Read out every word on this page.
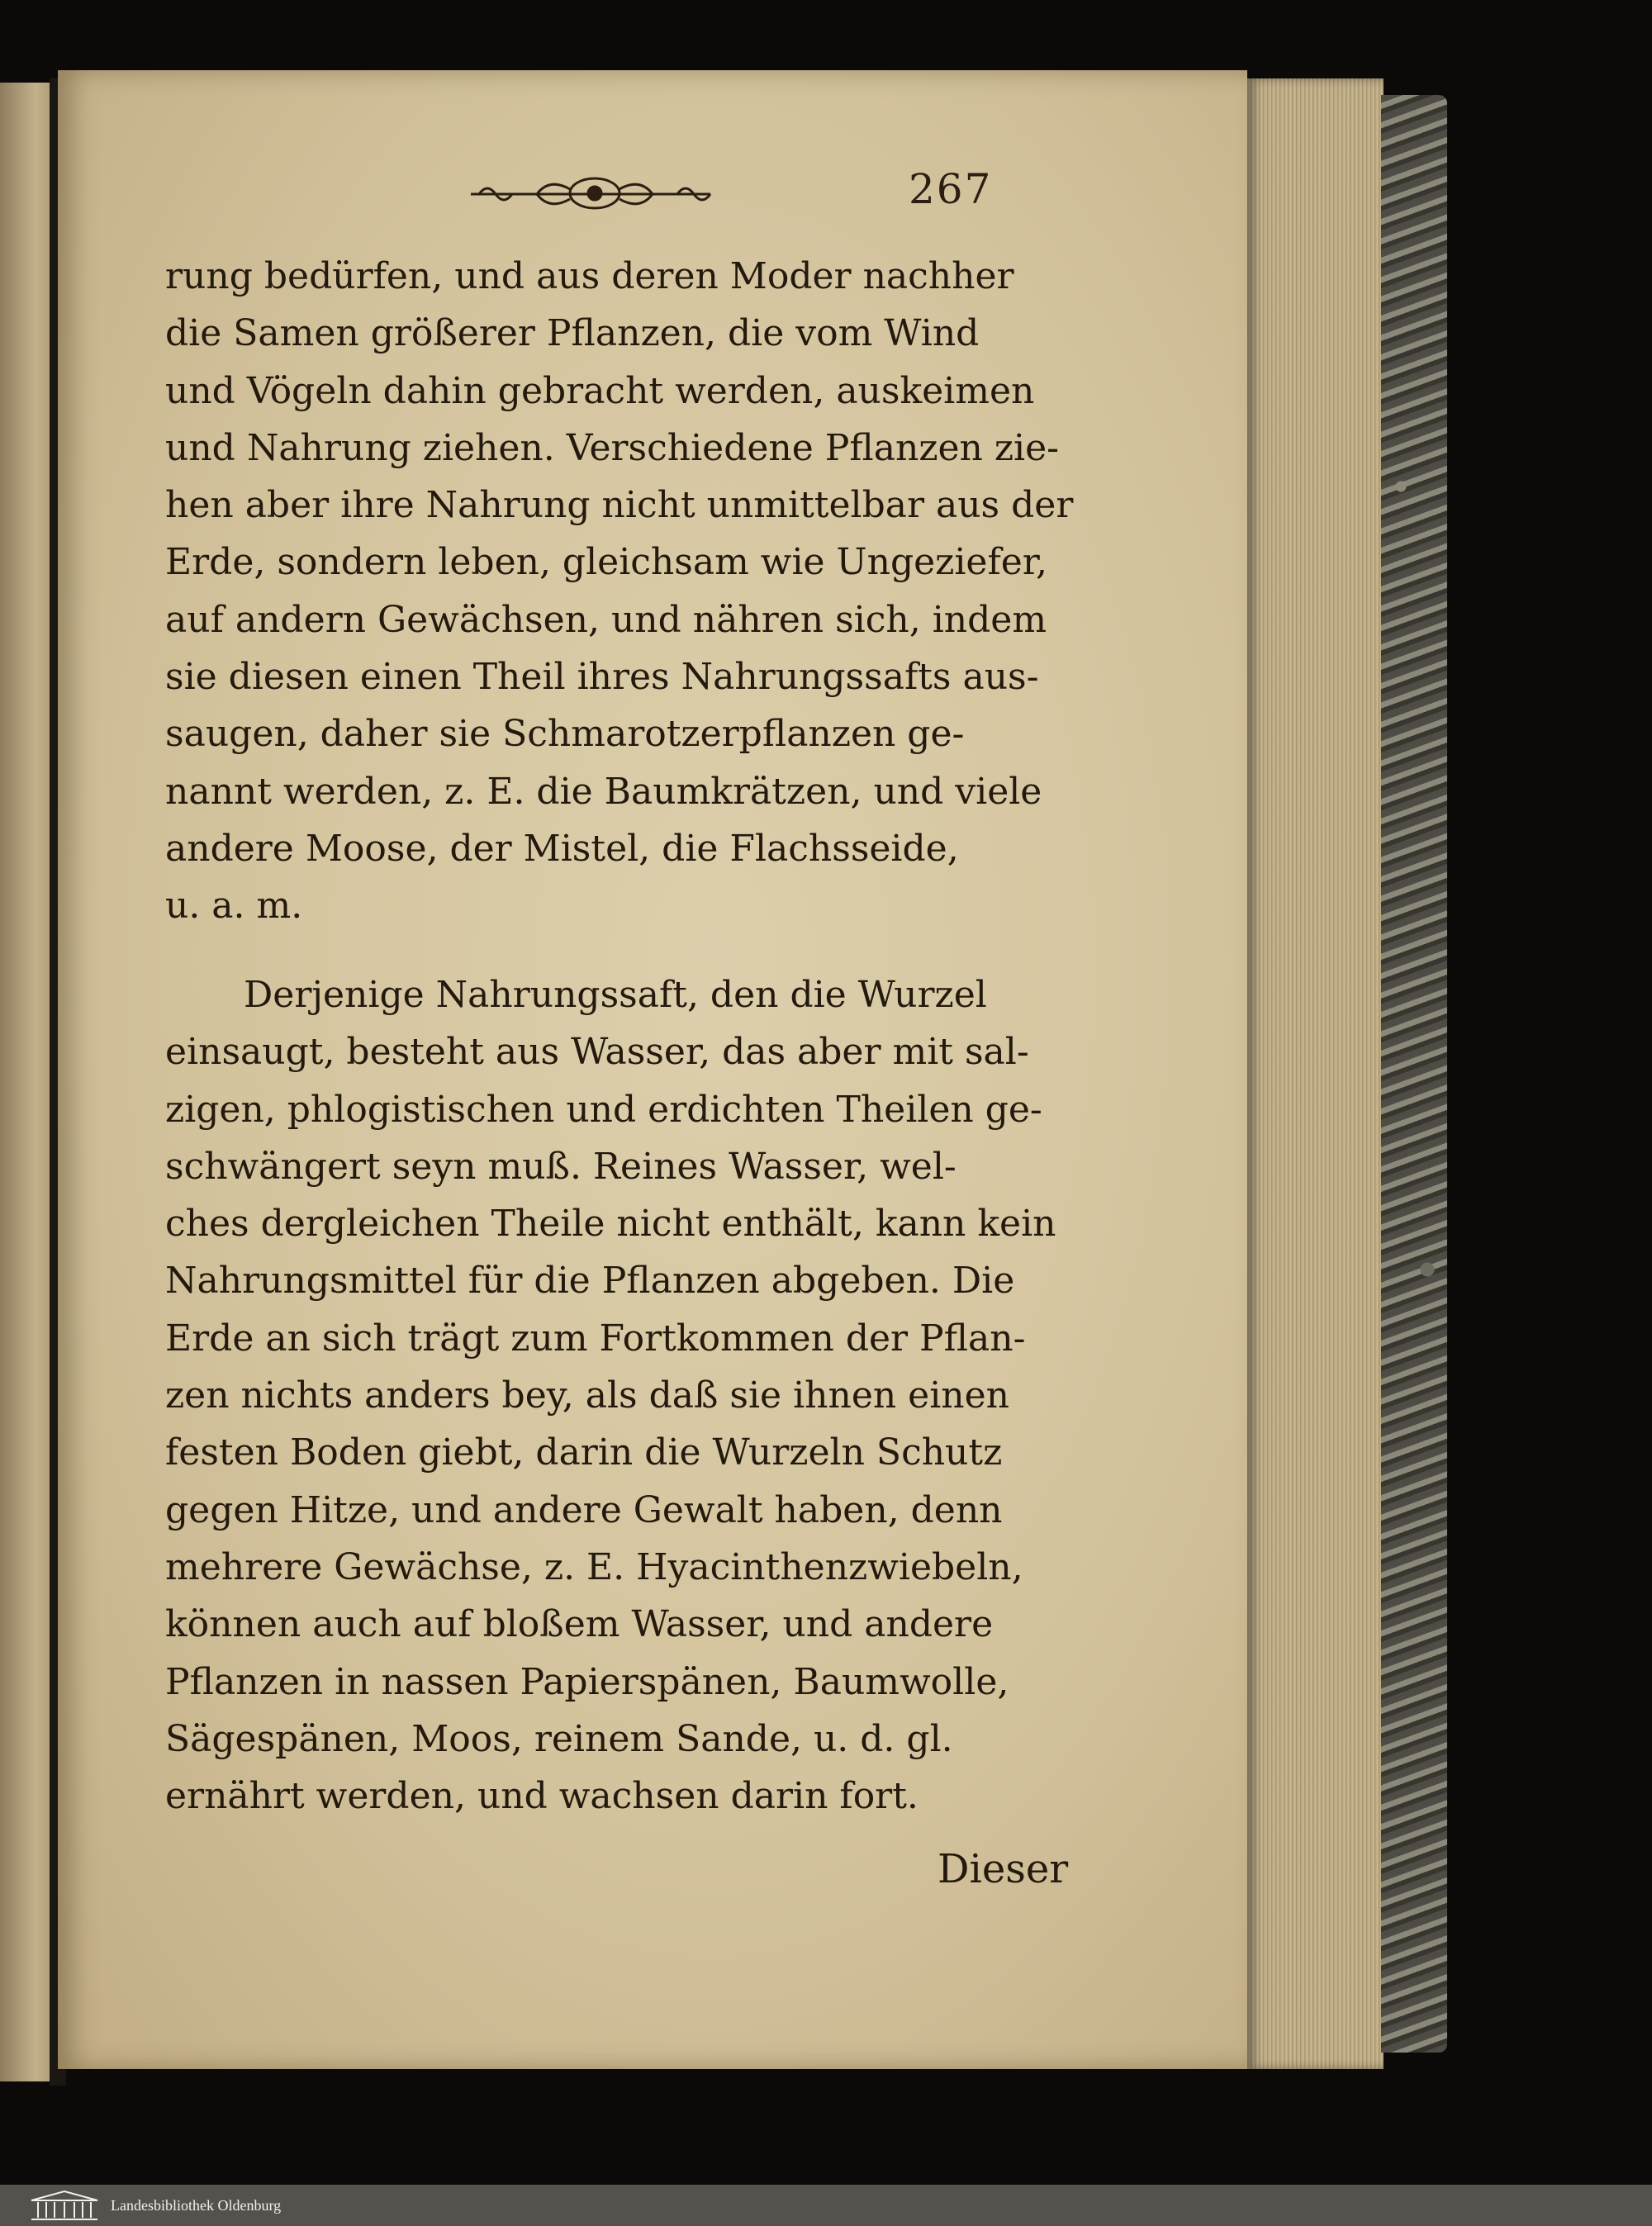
267
rung bedürfen, und aus deren Moder nachher
die Samen größerer Pflanzen, die vom Wind
und Vögeln dahin gebracht werden, auskeimen
und Nahrung ziehen. Verschiedene Pflanzen zie-
hen aber ihre Nahrung nicht unmittelbar aus der
Erde, sondern leben, gleichsam wie Ungeziefer,
auf andern Gewächsen, und nähren sich, indem
sie diesen einen Theil ihres Nahrungssafts aus-
saugen, daher sie Schmarotzerpflanzen ge-
nannt werden, z. E. die Baumkrätzen, und viele
andere Moose, der Mistel, die Flachsseide,
u. a. m.
Derjenige Nahrungssaft, den die Wurzel
einsaugt, besteht aus Wasser, das aber mit sal-
zigen, phlogistischen und erdichten Theilen ge-
schwängert seyn muß. Reines Wasser, wel-
ches dergleichen Theile nicht enthält, kann kein
Nahrungsmittel für die Pflanzen abgeben. Die
Erde an sich trägt zum Fortkommen der Pflan-
zen nichts anders bey, als daß sie ihnen einen
festen Boden giebt, darin die Wurzeln Schutz
gegen Hitze, und andere Gewalt haben, denn
mehrere Gewächse, z. E. Hyacinthenzwiebeln,
können auch auf bloßem Wasser, und andere
Pflanzen in nassen Papierspänen, Baumwolle,
Sägespänen, Moos, reinem Sande, u. d. gl.
ernährt werden, und wachsen darin fort.
Dieser
Landesbibliothek Oldenburg
